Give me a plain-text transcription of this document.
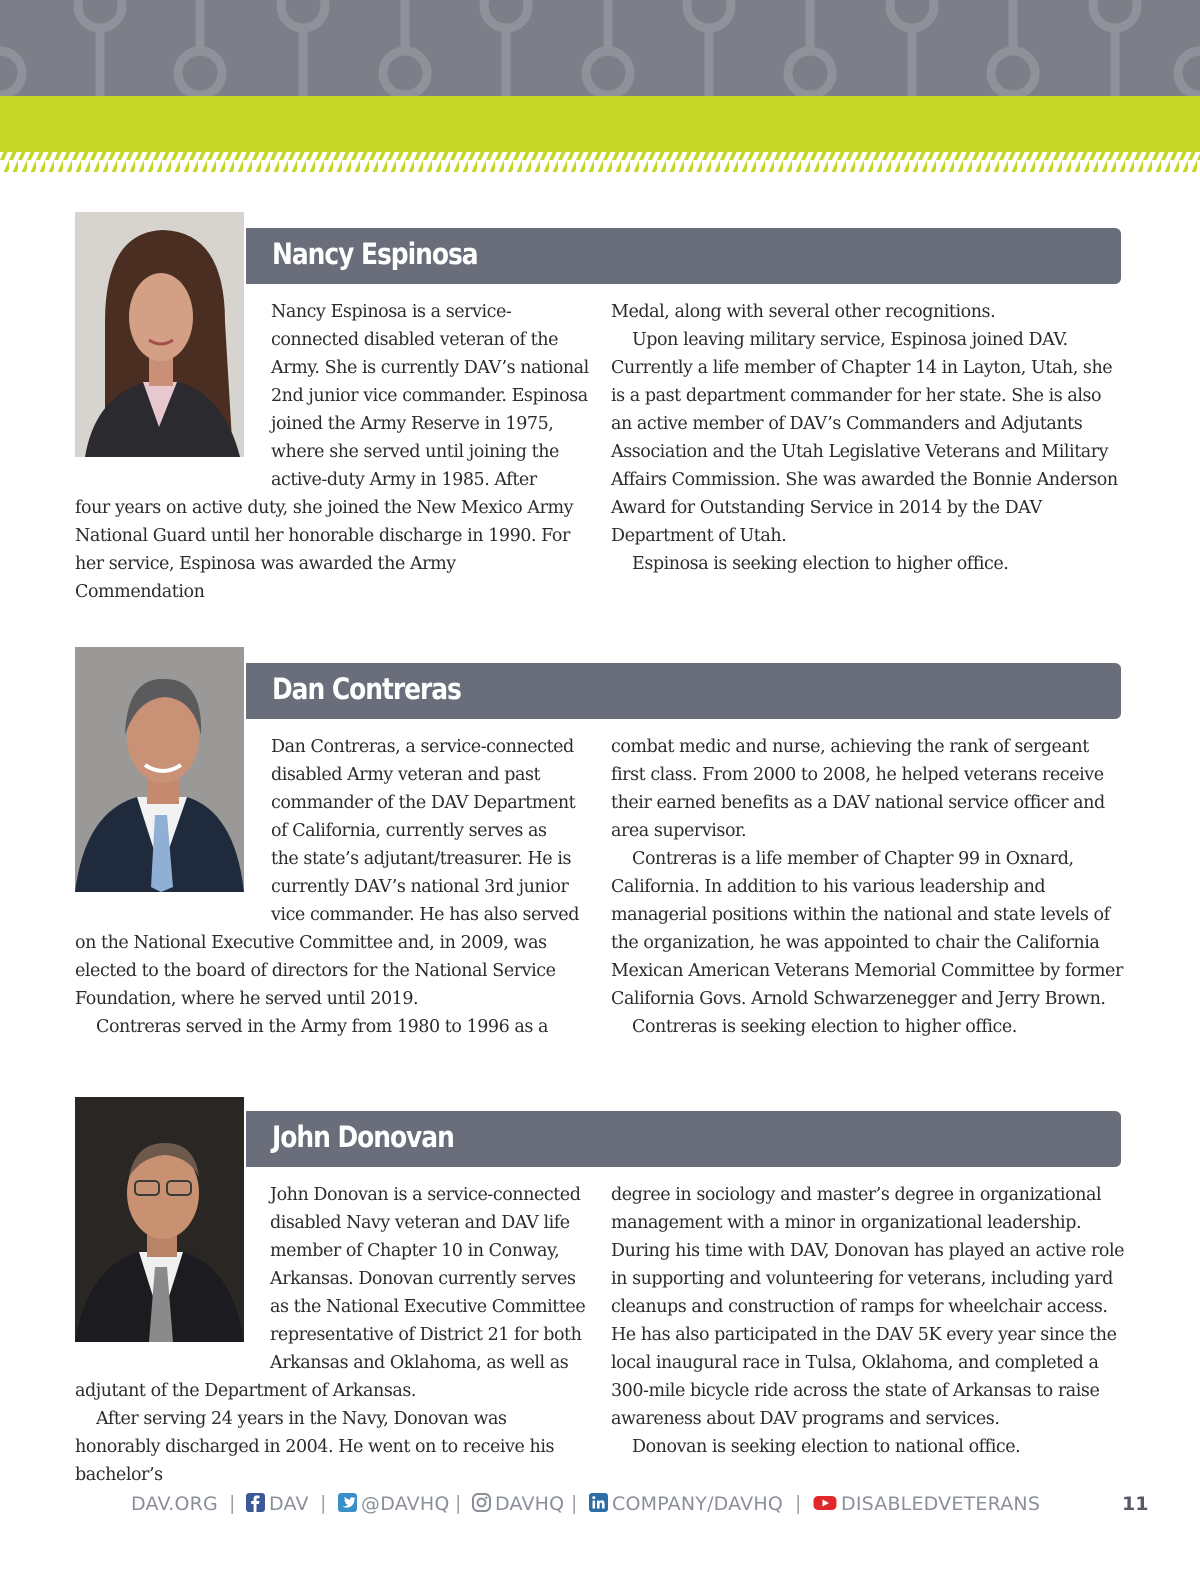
Nancy Espinosa
Nancy Espinosa is a service-
connected disabled veteran of the
Army. She is currently DAV’s national
2nd junior vice commander. Espinosa
joined the Army Reserve in 1975,
where she served until joining the
active-duty Army in 1985. After

four years on active duty, she joined the New Mexico Army National Guard until her honorable discharge in 1990. For her service, Espinosa was awarded the Army Commendation

Medal, along with several other recognitions.

Upon leaving military service, Espinosa joined DAV. Currently a life member of Chapter 14 in Layton, Utah, she is a past department commander for her state. She is also an active member of DAV’s Commanders and Adjutants Association and the Utah Legislative Veterans and Military Affairs Commission. She was awarded the Bonnie Anderson Award for Outstanding Service in 2014 by the DAV Department of Utah.

Espinosa is seeking election to higher office.

Dan Contreras
Dan Contreras, a service-connected
disabled Army veteran and past
commander of the DAV Department
of California, currently serves as
the state’s adjutant/treasurer. He is
currently DAV’s national 3rd junior
vice commander. He has also served

on the National Executive Committee and, in 2009, was elected to the board of directors for the National Service Foundation, where he served until 2019.

Contreras served in the Army from 1980 to 1996 as a

combat medic and nurse, achieving the rank of sergeant first class. From 2000 to 2008, he helped veterans receive their earned benefits as a DAV national service officer and area supervisor.

Contreras is a life member of Chapter 99 in Oxnard, California. In addition to his various leadership and managerial positions within the national and state levels of the organization, he was appointed to chair the California Mexican American Veterans Memorial Committee by former California Govs. Arnold Schwarzenegger and Jerry Brown.

Contreras is seeking election to higher office.

John Donovan
John Donovan is a service-connected
disabled Navy veteran and DAV life
member of Chapter 10 in Conway,
Arkansas. Donovan currently serves
as the National Executive Committee
representative of District 21 for both
Arkansas and Oklahoma, as well as

adjutant of the Department of Arkansas.

After serving 24 years in the Navy, Donovan was honorably discharged in 2004. He went on to receive his bachelor’s

degree in sociology and master’s degree in organizational management with a minor in organizational leadership. During his time with DAV, Donovan has played an active role in supporting and volunteering for veterans, including yard cleanups and construction of ramps for wheelchair access. He has also participated in the DAV 5K every year since the local inaugural race in Tulsa, Oklahoma, and completed a 300-mile bicycle ride across the state of Arkansas to raise awareness about DAV programs and services.

Donovan is seeking election to national office.

DAV.ORG |	DAV |	@DAVHQ |	DAVHQ |	COMPANY/DAVHQ |	DISABLEDVETERANS	11
